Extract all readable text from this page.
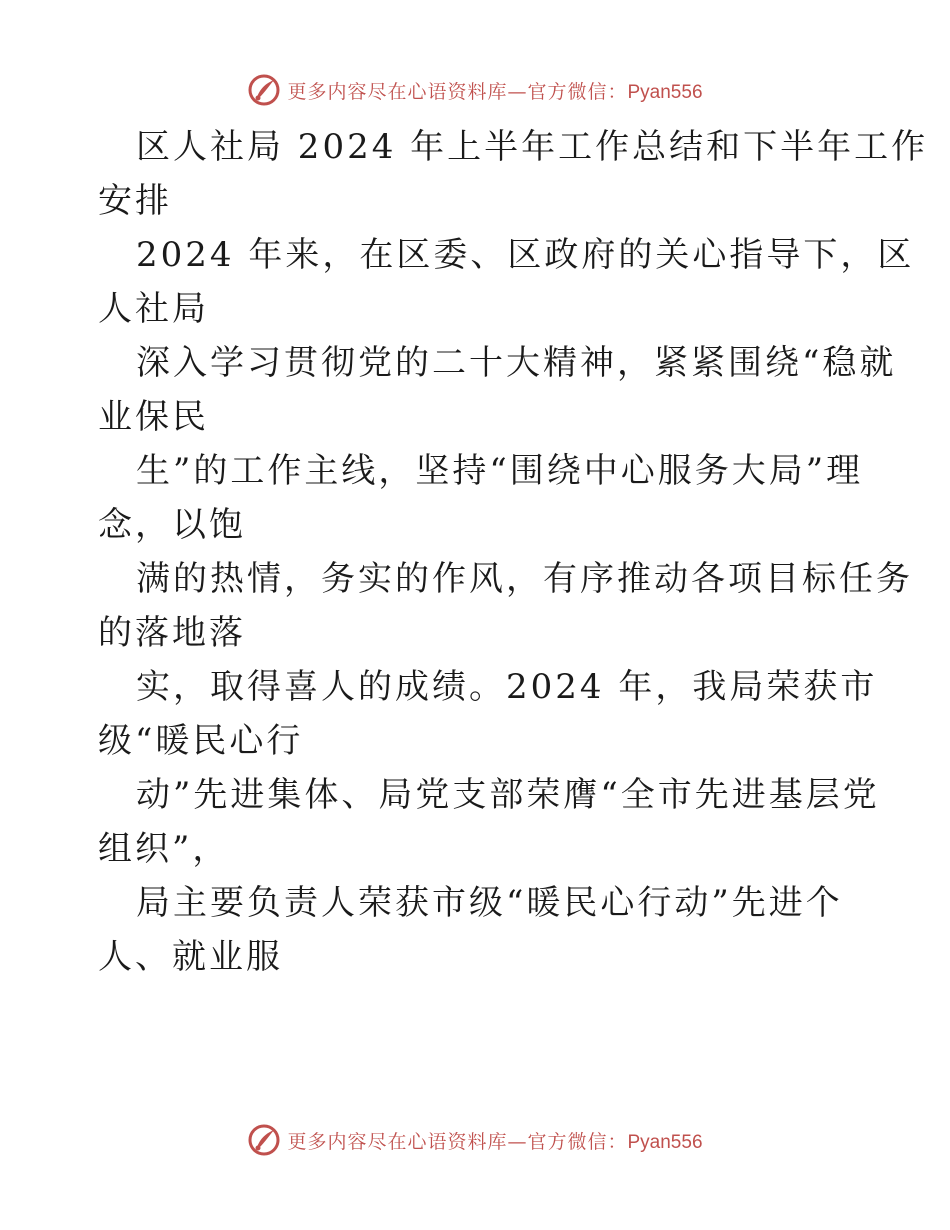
更多内容尽在心语资料库—官方微信：Pyan556
区人社局 2024 年上半年工作总结和下半年工作
安排
2024 年来，在区委、区政府的关心指导下，区
人社局
深入学习贯彻党的二十大精神，紧紧围绕“稳就
业保民
生”的工作主线，坚持“围绕中心服务大局”理
念，以饱
满的热情，务实的作风，有序推动各项目标任务
的落地落
实，取得喜人的成绩。2024 年，我局荣获市
级“暖民心行
动”先进集体、局党支部荣膺“全市先进基层党
组织”，
局主要负责人荣获市级“暖民心行动”先进个
人、就业服
更多内容尽在心语资料库—官方微信：Pyan556
